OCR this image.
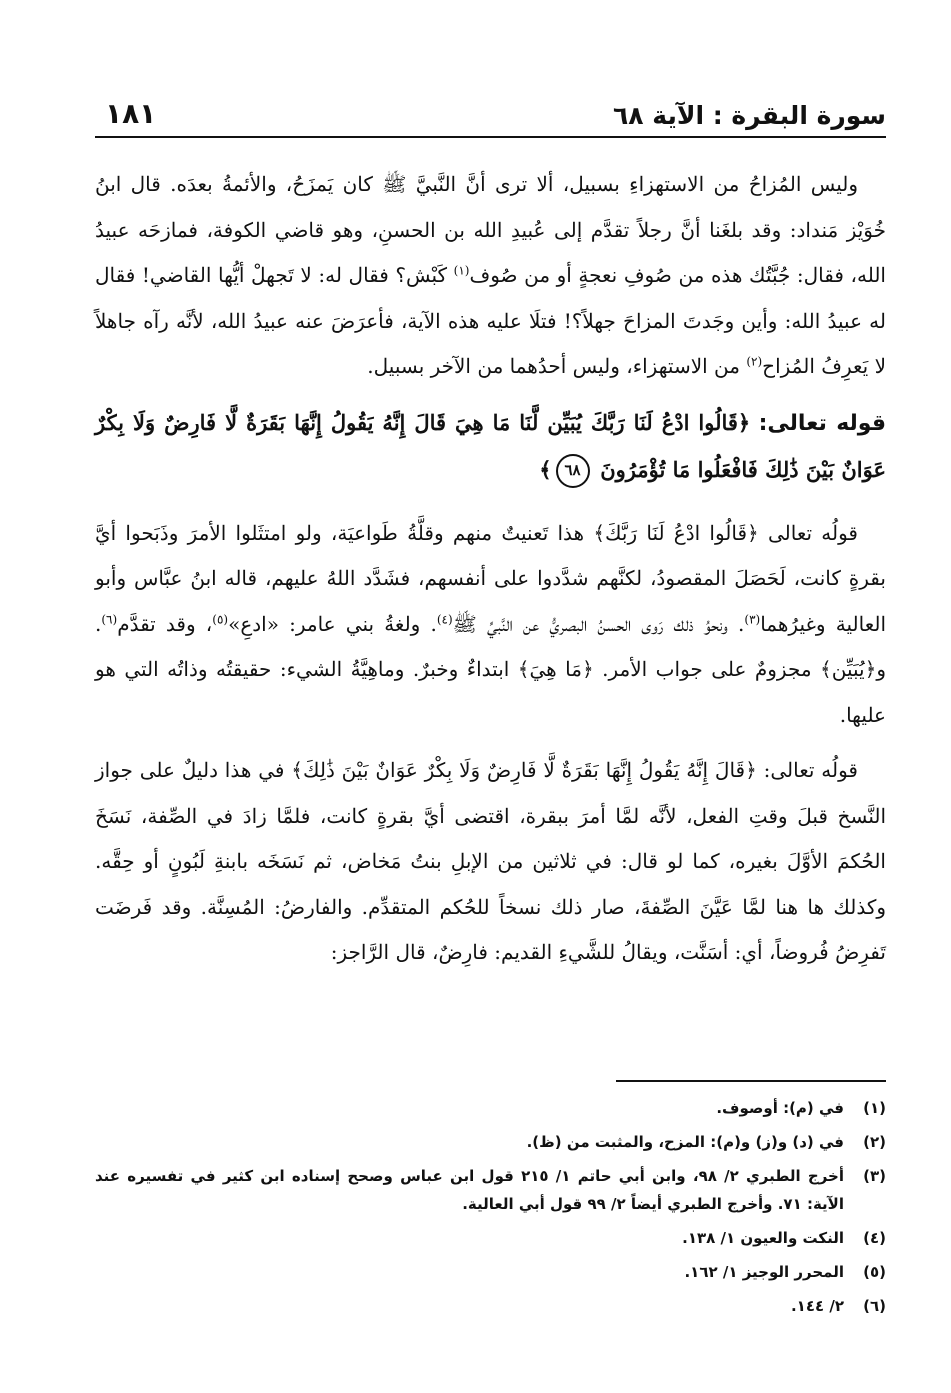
سورة البقرة : الآية ٦٨
١٨١

وليس المُزاحُ من الاستهزاءِ بسبيل، ألا ترى أنَّ النَّبيَّ ﷺ كان يَمزَحُ، والأئمةُ بعدَه. قال ابنُ خُوَيْز مَنداد: وقد بلغَنا أنَّ رجلاً تقدَّم إلى عُبيدِ الله بن الحسنِ، وهو قاضي الكوفة، فمازحَه عبيدُ الله، فقال: جُبَّتُك هذه من صُوفِ نعجةٍ أو من صُوف$^{(١)}$ كَبْش؟ فقال له: لا تَجهلْ أيُّها القاضي! فقال له عبيدُ الله: وأين وجَدتَ المزاحَ جهلاً؟! فتلَا عليه هذه الآية، فأعرَضَ عنه عبيدُ الله، لأنَّه رآه جاهلاً لا يَعرِفُ المُزاح$^{(٢)}$ من الاستهزاء، وليس أحدُهما من الآخر بسبيل.

قوله تعالى: ﴿قَالُوا ادْعُ لَنَا رَبَّكَ يُبَيِّن لَّنَا مَا هِيَ قَالَ إِنَّهُ يَقُولُ إِنَّهَا بَقَرَةٌ لَّا فَارِضٌ وَلَا بِكْرٌ عَوَانٌ بَيْنَ ذَٰلِكَ فَافْعَلُوا مَا تُؤْمَرُونَ ٦٨﴾

قولُه تعالى ﴿قَالُوا ادْعُ لَنَا رَبَّكَ﴾ هذا تَعنيتٌ منهم وقلَّةُ طَواعيَة، ولو امتثَلوا الأمرَ وذَبَحوا أيَّ بقرةٍ كانت، لَحَصَلَ المقصودُ، لكنَّهم شدَّدوا على أنفسهم، فشَدَّد اللهُ عليهم، قاله ابنُ عبَّاس وأبو العالية وغيرُهما$^{(٣)}$. ونحوُ ذلك رَوى الحسنُ البصريُّ عن النَّبيِّ ﷺ$^{(٤)}$. ولغةُ بني عامر: «ادعِ»$^{(٥)}$، وقد تقدَّم$^{(٦)}$. و﴿يُبَيِّن﴾ مجزومٌ على جواب الأمر. ﴿مَا هِيَ﴾ ابتداءٌ وخبرٌ. وماهِيَّةُ الشيء: حقيقتُه وذاتُه التي هو عليها.

قولُه تعالى: ﴿قَالَ إِنَّهُ يَقُولُ إِنَّهَا بَقَرَةٌ لَّا فَارِضٌ وَلَا بِكْرٌ عَوَانٌ بَيْنَ ذَٰلِكَ﴾ في هذا دليلٌ على جواز النَّسخ قبلَ وقتِ الفعل، لأنَّه لمَّا أمرَ ببقرة، اقتضى أيَّ بقرةٍ كانت، فلمَّا زادَ في الصِّفة، نَسَخَ الحُكمَ الأوَّلَ بغيره، كما لو قال: في ثلاثين من الإبلِ بنتُ مَخاض، ثم نَسَخَه بابنةِ لَبُونٍ أو حِقَّه. وكذلك ها هنا لمَّا عَيَّنَ الصِّفةَ، صار ذلك نسخاً للحُكم المتقدِّم. والفارضُ: المُسِنَّة. وقد فَرضَت تَفرِضُ فُروضاً، أي: أسَنَّت، ويقالُ للشَّيءِ القديم: فارِضٌ، قال الرَّاجز:

(١)
في (م): أوصوف.
(٢)
في (د) و(ز) و(م): المزح، والمثبت من (ظ).
(٣)
أخرج الطبري ٢/ ٩٨، وابن أبي حاتم ١/ ٢١٥ قول ابن عباس وصحح إسناده ابن كثير في تفسيره عند الآية: ٧١. وأخرج الطبري أيضاً ٢/ ٩٩ قول أبي العالية.
(٤)
النكت والعيون ١/ ١٣٨.
(٥)
المحرر الوجيز ١/ ١٦٢.
(٦)
٢/ ١٤٤.
